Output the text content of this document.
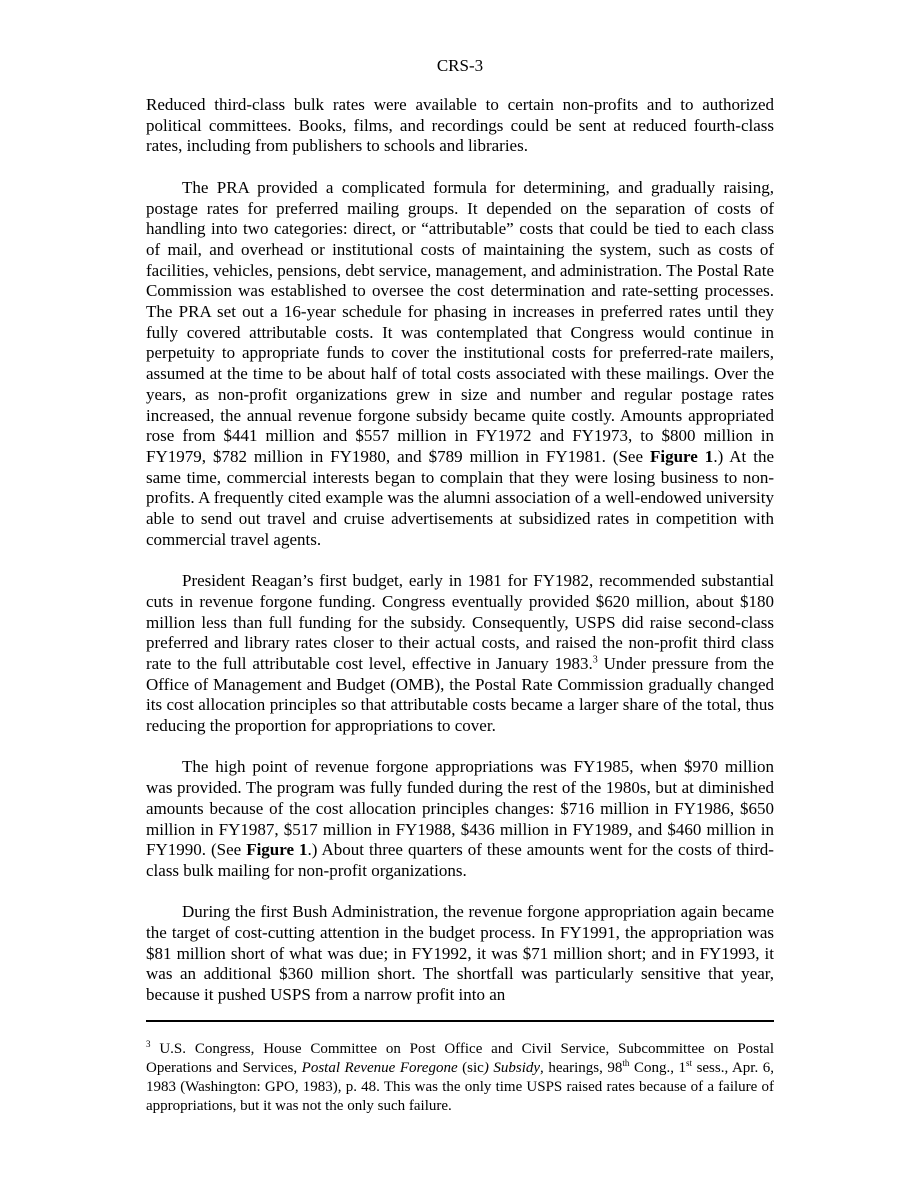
CRS-3

Reduced third-class bulk rates were available to certain non-profits and to authorized political committees. Books, films, and recordings could be sent at reduced fourth-class rates, including from publishers to schools and libraries.

The PRA provided a complicated formula for determining, and gradually raising, postage rates for preferred mailing groups. It depended on the separation of costs of handling into two categories: direct, or “attributable” costs that could be tied to each class of mail, and overhead or institutional costs of maintaining the system, such as costs of facilities, vehicles, pensions, debt service, management, and administration. The Postal Rate Commission was established to oversee the cost determination and rate-setting processes. The PRA set out a 16-year schedule for phasing in increases in preferred rates until they fully covered attributable costs. It was contemplated that Congress would continue in perpetuity to appropriate funds to cover the institutional costs for preferred-rate mailers, assumed at the time to be about half of total costs associated with these mailings. Over the years, as non-profit organizations grew in size and number and regular postage rates increased, the annual revenue forgone subsidy became quite costly. Amounts appropriated rose from $441 million and $557 million in FY1972 and FY1973, to $800 million in FY1979, $782 million in FY1980, and $789 million in FY1981. (See Figure 1.) At the same time, commercial interests began to complain that they were losing business to non-profits. A frequently cited example was the alumni association of a well-endowed university able to send out travel and cruise advertisements at subsidized rates in competition with commercial travel agents.

President Reagan’s first budget, early in 1981 for FY1982, recommended substantial cuts in revenue forgone funding. Congress eventually provided $620 million, about $180 million less than full funding for the subsidy. Consequently, USPS did raise second-class preferred and library rates closer to their actual costs, and raised the non-profit third class rate to the full attributable cost level, effective in January 1983.$^3$ Under pressure from the Office of Management and Budget (OMB), the Postal Rate Commission gradually changed its cost allocation principles so that attributable costs became a larger share of the total, thus reducing the proportion for appropriations to cover.

The high point of revenue forgone appropriations was FY1985, when $970 million was provided. The program was fully funded during the rest of the 1980s, but at diminished amounts because of the cost allocation principles changes: $716 million in FY1986, $650 million in FY1987, $517 million in FY1988, $436 million in FY1989, and $460 million in FY1990. (See Figure 1.) About three quarters of these amounts went for the costs of third-class bulk mailing for non-profit organizations.

During the first Bush Administration, the revenue forgone appropriation again became the target of cost-cutting attention in the budget process. In FY1991, the appropriation was $81 million short of what was due; in FY1992, it was $71 million short; and in FY1993, it was an additional $360 million short. The shortfall was particularly sensitive that year, because it pushed USPS from a narrow profit into an

$^3$ U.S. Congress, House Committee on Post Office and Civil Service, Subcommittee on Postal Operations and Services, Postal Revenue Foregone (sic) Subsidy, hearings, 98th Cong., 1st sess., Apr. 6, 1983 (Washington: GPO, 1983), p. 48. This was the only time USPS raised rates because of a failure of appropriations, but it was not the only such failure.
